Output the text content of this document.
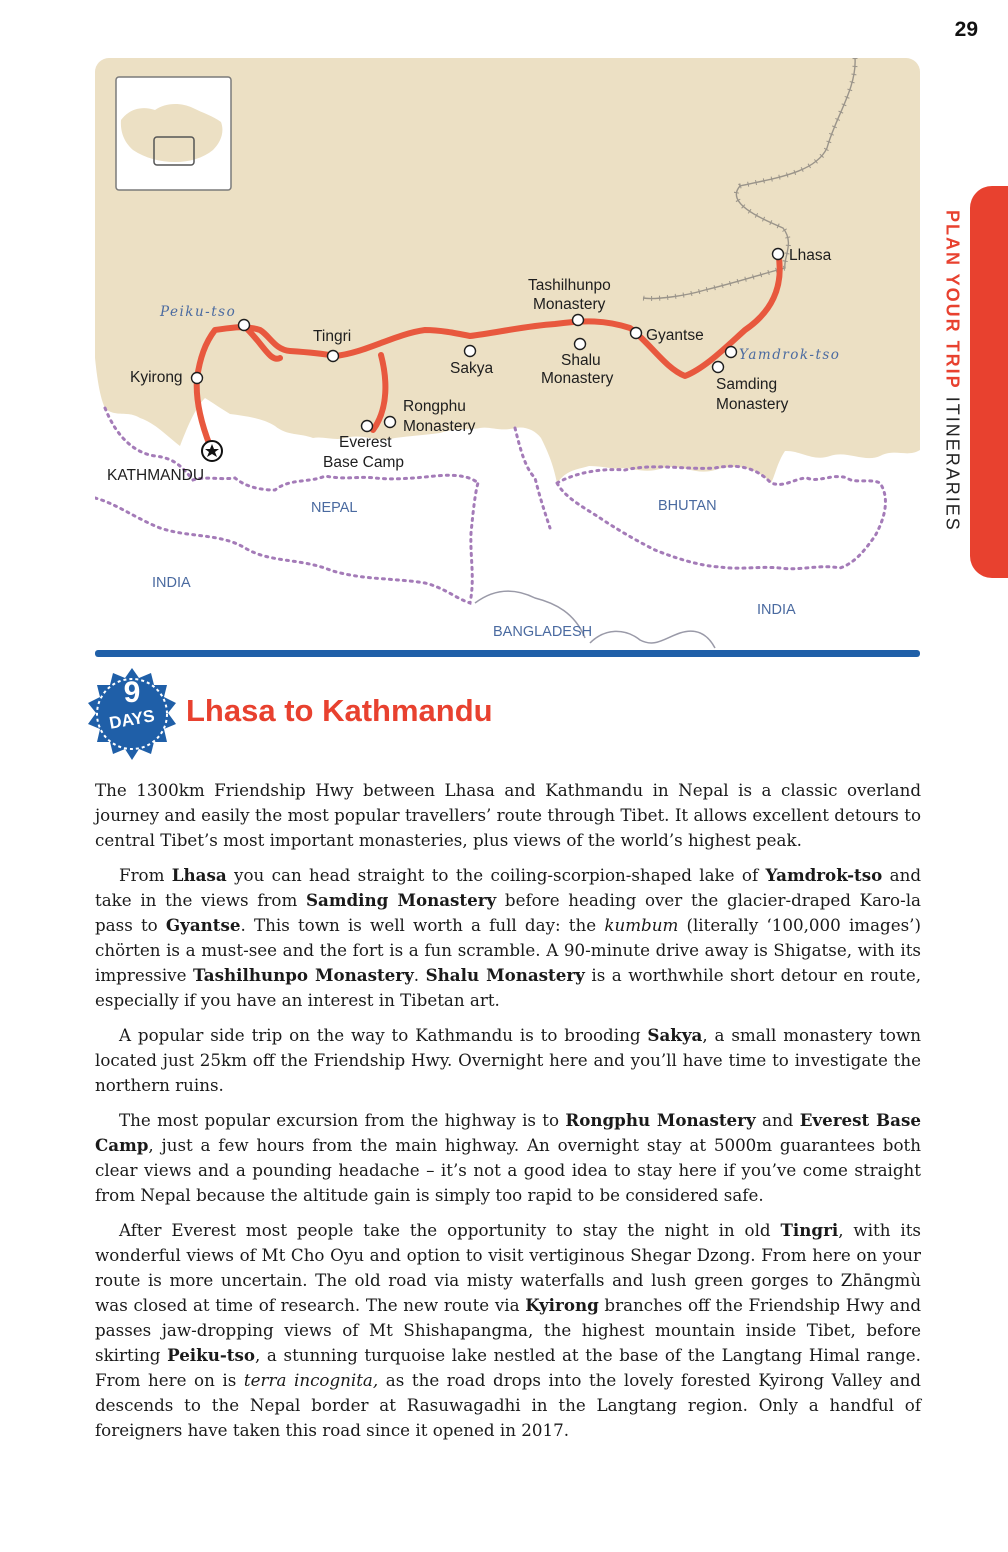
29
PLAN YOUR TRIP ITINERARIES
Lhasa
Tashilhunpo
Monastery
Gyantse
Yamdrok-tso
Samding
Monastery
Shalu
Monastery
Sakya
Tingri
Rongphu
Monastery
Everest
Base Camp
Peiku-tso
Kyirong
KATHMANDU
NEPAL	BHUTAN
INDIA
INDIA
BANGLADESH
9
DAYS Lhasa to Kathmandu

The 1300km Friendship Hwy between Lhasa and Kathmandu in Nepal is a classic overland journey and easily the most popular travellers’ route through Tibet. It allows excellent detours to central Tibet’s most important monasteries, plus views of the world’s highest peak.

From Lhasa you can head straight to the coiling-scorpion-shaped lake of Yamdrok-tso and take in the views from Samding Monastery before heading over the glacier-draped Karo-la pass to Gyantse. This town is well worth a full day: the kumbum (literally ‘100,000 images’) chörten is a must-see and the fort is a fun scramble. A 90-minute drive away is Shigatse, with its impressive Tashilhunpo Monastery. Shalu Monastery is a worthwhile short detour en route, especially if you have an interest in Tibetan art.

A popular side trip on the way to Kathmandu is to brooding Sakya, a small monastery town located just 25km off the Friendship Hwy. Overnight here and you’ll have time to investigate the northern ruins.

The most popular excursion from the highway is to Rongphu Monastery and Everest Base Camp, just a few hours from the main highway. An overnight stay at 5000m guarantees both clear views and a pounding headache – it’s not a good idea to stay here if you’ve come straight from Nepal because the altitude gain is simply too rapid to be considered safe.

After Everest most people take the opportunity to stay the night in old Tingri, with its wonderful views of Mt Cho Oyu and option to visit vertiginous Shegar Dzong. From here on your route is more uncertain. The old road via misty waterfalls and lush green gorges to Zhāngmù was closed at time of research. The new route via Kyirong branches off the Friendship Hwy and passes jaw-dropping views of Mt Shishapangma, the highest mountain inside Tibet, before skirting Peiku-tso, a stunning turquoise lake nestled at the base of the Langtang Himal range. From here on is terra incognita, as the road drops into the lovely forested Kyirong Valley and descends to the Nepal border at Rasuwagadhi in the Langtang region. Only a handful of foreigners have taken this road since it opened in 2017.
